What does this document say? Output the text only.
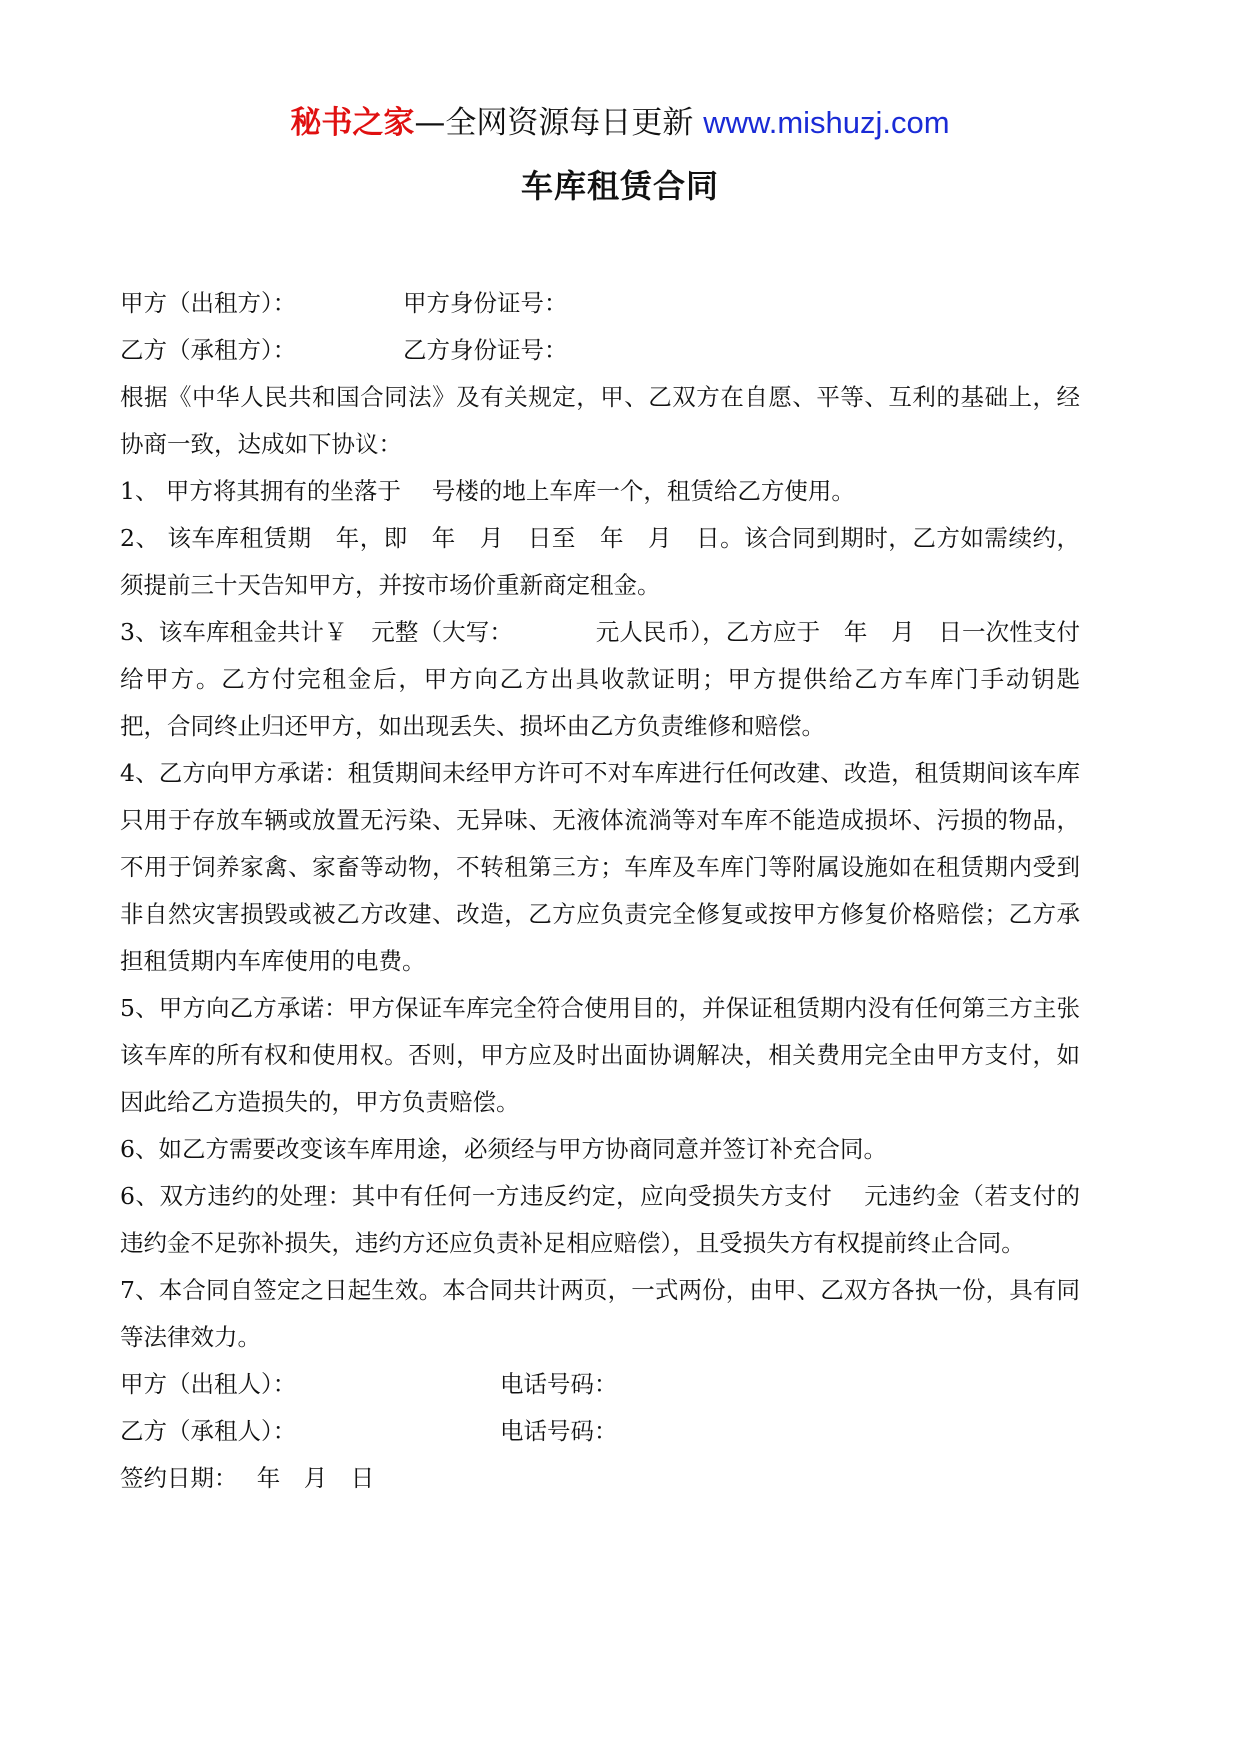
秘书之家—全网资源每日更新 www.mishuzj.com
车库租赁合同
甲方（出租方）：	甲方身份证号：
乙方（承租方）：	乙方身份证号：
根据《中华人民共和国合同法》及有关规定，甲、乙双方在自愿、平等、互利的基础上，经协商一致，达成如下协议：
1、 甲方将其拥有的坐落于　 号楼的地上车库一个，租赁给乙方使用。
2、 该车库租赁期　年，即　年　月　日至　年　月　日。该合同到期时，乙方如需续约，须提前三十天告知甲方，并按市场价重新商定租金。
3、该车库租金共计￥　元整（大写：　　　　元人民币），乙方应于　年　月　日一次性支付给甲方。乙方付完租金后，甲方向乙方出具收款证明；甲方提供给乙方车库门手动钥匙　把，合同终止归还甲方，如出现丢失、损坏由乙方负责维修和赔偿。
4、乙方向甲方承诺：租赁期间未经甲方许可不对车库进行任何改建、改造，租赁期间该车库只用于存放车辆或放置无污染、无异味、无液体流淌等对车库不能造成损坏、污损的物品，不用于饲养家禽、家畜等动物，不转租第三方；车库及车库门等附属设施如在租赁期内受到非自然灾害损毁或被乙方改建、改造，乙方应负责完全修复或按甲方修复价格赔偿；乙方承担租赁期内车库使用的电费。
5、甲方向乙方承诺：甲方保证车库完全符合使用目的，并保证租赁期内没有任何第三方主张该车库的所有权和使用权。否则，甲方应及时出面协调解决，相关费用完全由甲方支付，如因此给乙方造损失的，甲方负责赔偿。
6、如乙方需要改变该车库用途，必须经与甲方协商同意并签订补充合同。
6、双方违约的处理：其中有任何一方违反约定，应向受损失方支付　 元违约金（若支付的违约金不足弥补损失，违约方还应负责补足相应赔偿），且受损失方有权提前终止合同。
7、本合同自签定之日起生效。本合同共计两页，一式两份，由甲、乙双方各执一份，具有同等法律效力。
甲方（出租人）：	电话号码：
乙方（承租人）：	电话号码：
签约日期：　 年　月　日
